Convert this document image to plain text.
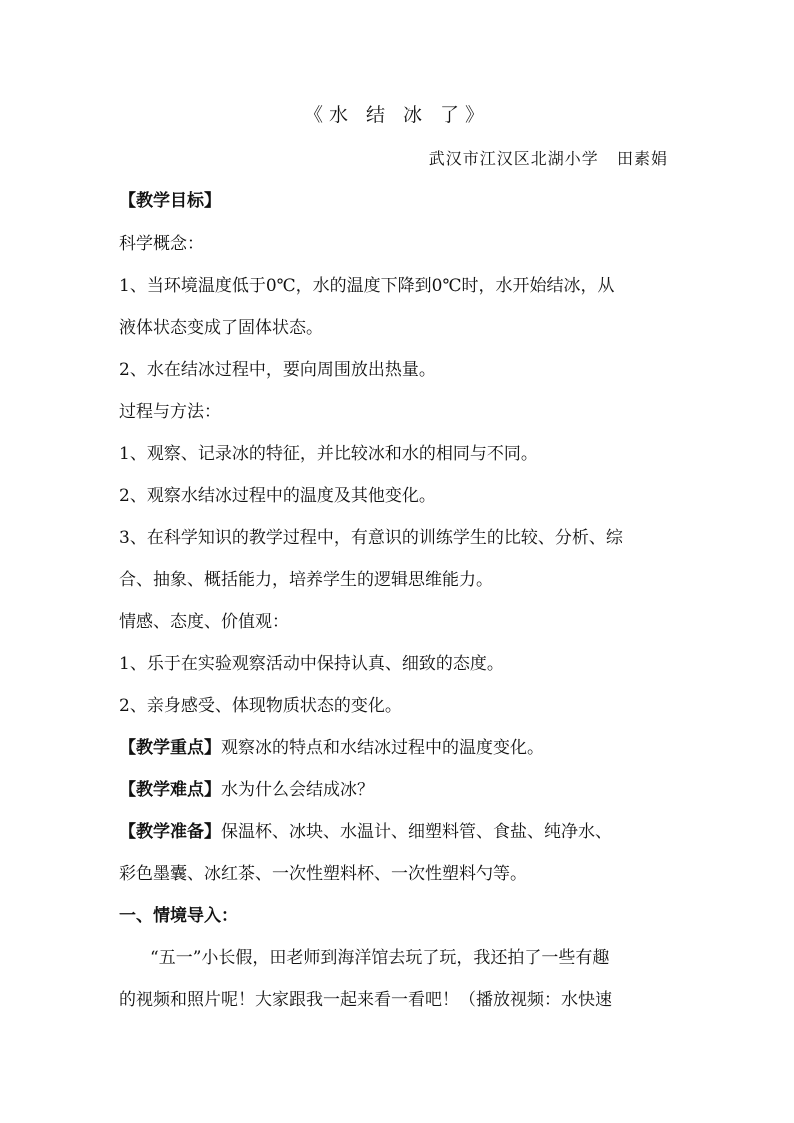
《水 结 冰 了》
武汉市江汉区北湖小学   田素娟
【教学目标】
科学概念：
1、当环境温度低于0℃，水的温度下降到0℃时，水开始结冰，从
液体状态变成了固体状态。
2、水在结冰过程中，要向周围放出热量。
过程与方法：
1、观察、记录冰的特征，并比较冰和水的相同与不同。
2、观察水结冰过程中的温度及其他变化。
3、在科学知识的教学过程中，有意识的训练学生的比较、分析、综
合、抽象、概括能力，培养学生的逻辑思维能力。
情感、态度、价值观：
1、乐于在实验观察活动中保持认真、细致的态度。
2、亲身感受、体现物质状态的变化。
【教学重点】观察冰的特点和水结冰过程中的温度变化。
【教学难点】水为什么会结成冰？
【教学准备】保温杯、冰块、水温计、细塑料管、食盐、纯净水、
彩色墨囊、冰红茶、一次性塑料杯、一次性塑料勺等。
一、情境导入：
“五一”小长假，田老师到海洋馆去玩了玩，我还拍了一些有趣
的视频和照片呢！大家跟我一起来看一看吧！（播放视频：水快速
